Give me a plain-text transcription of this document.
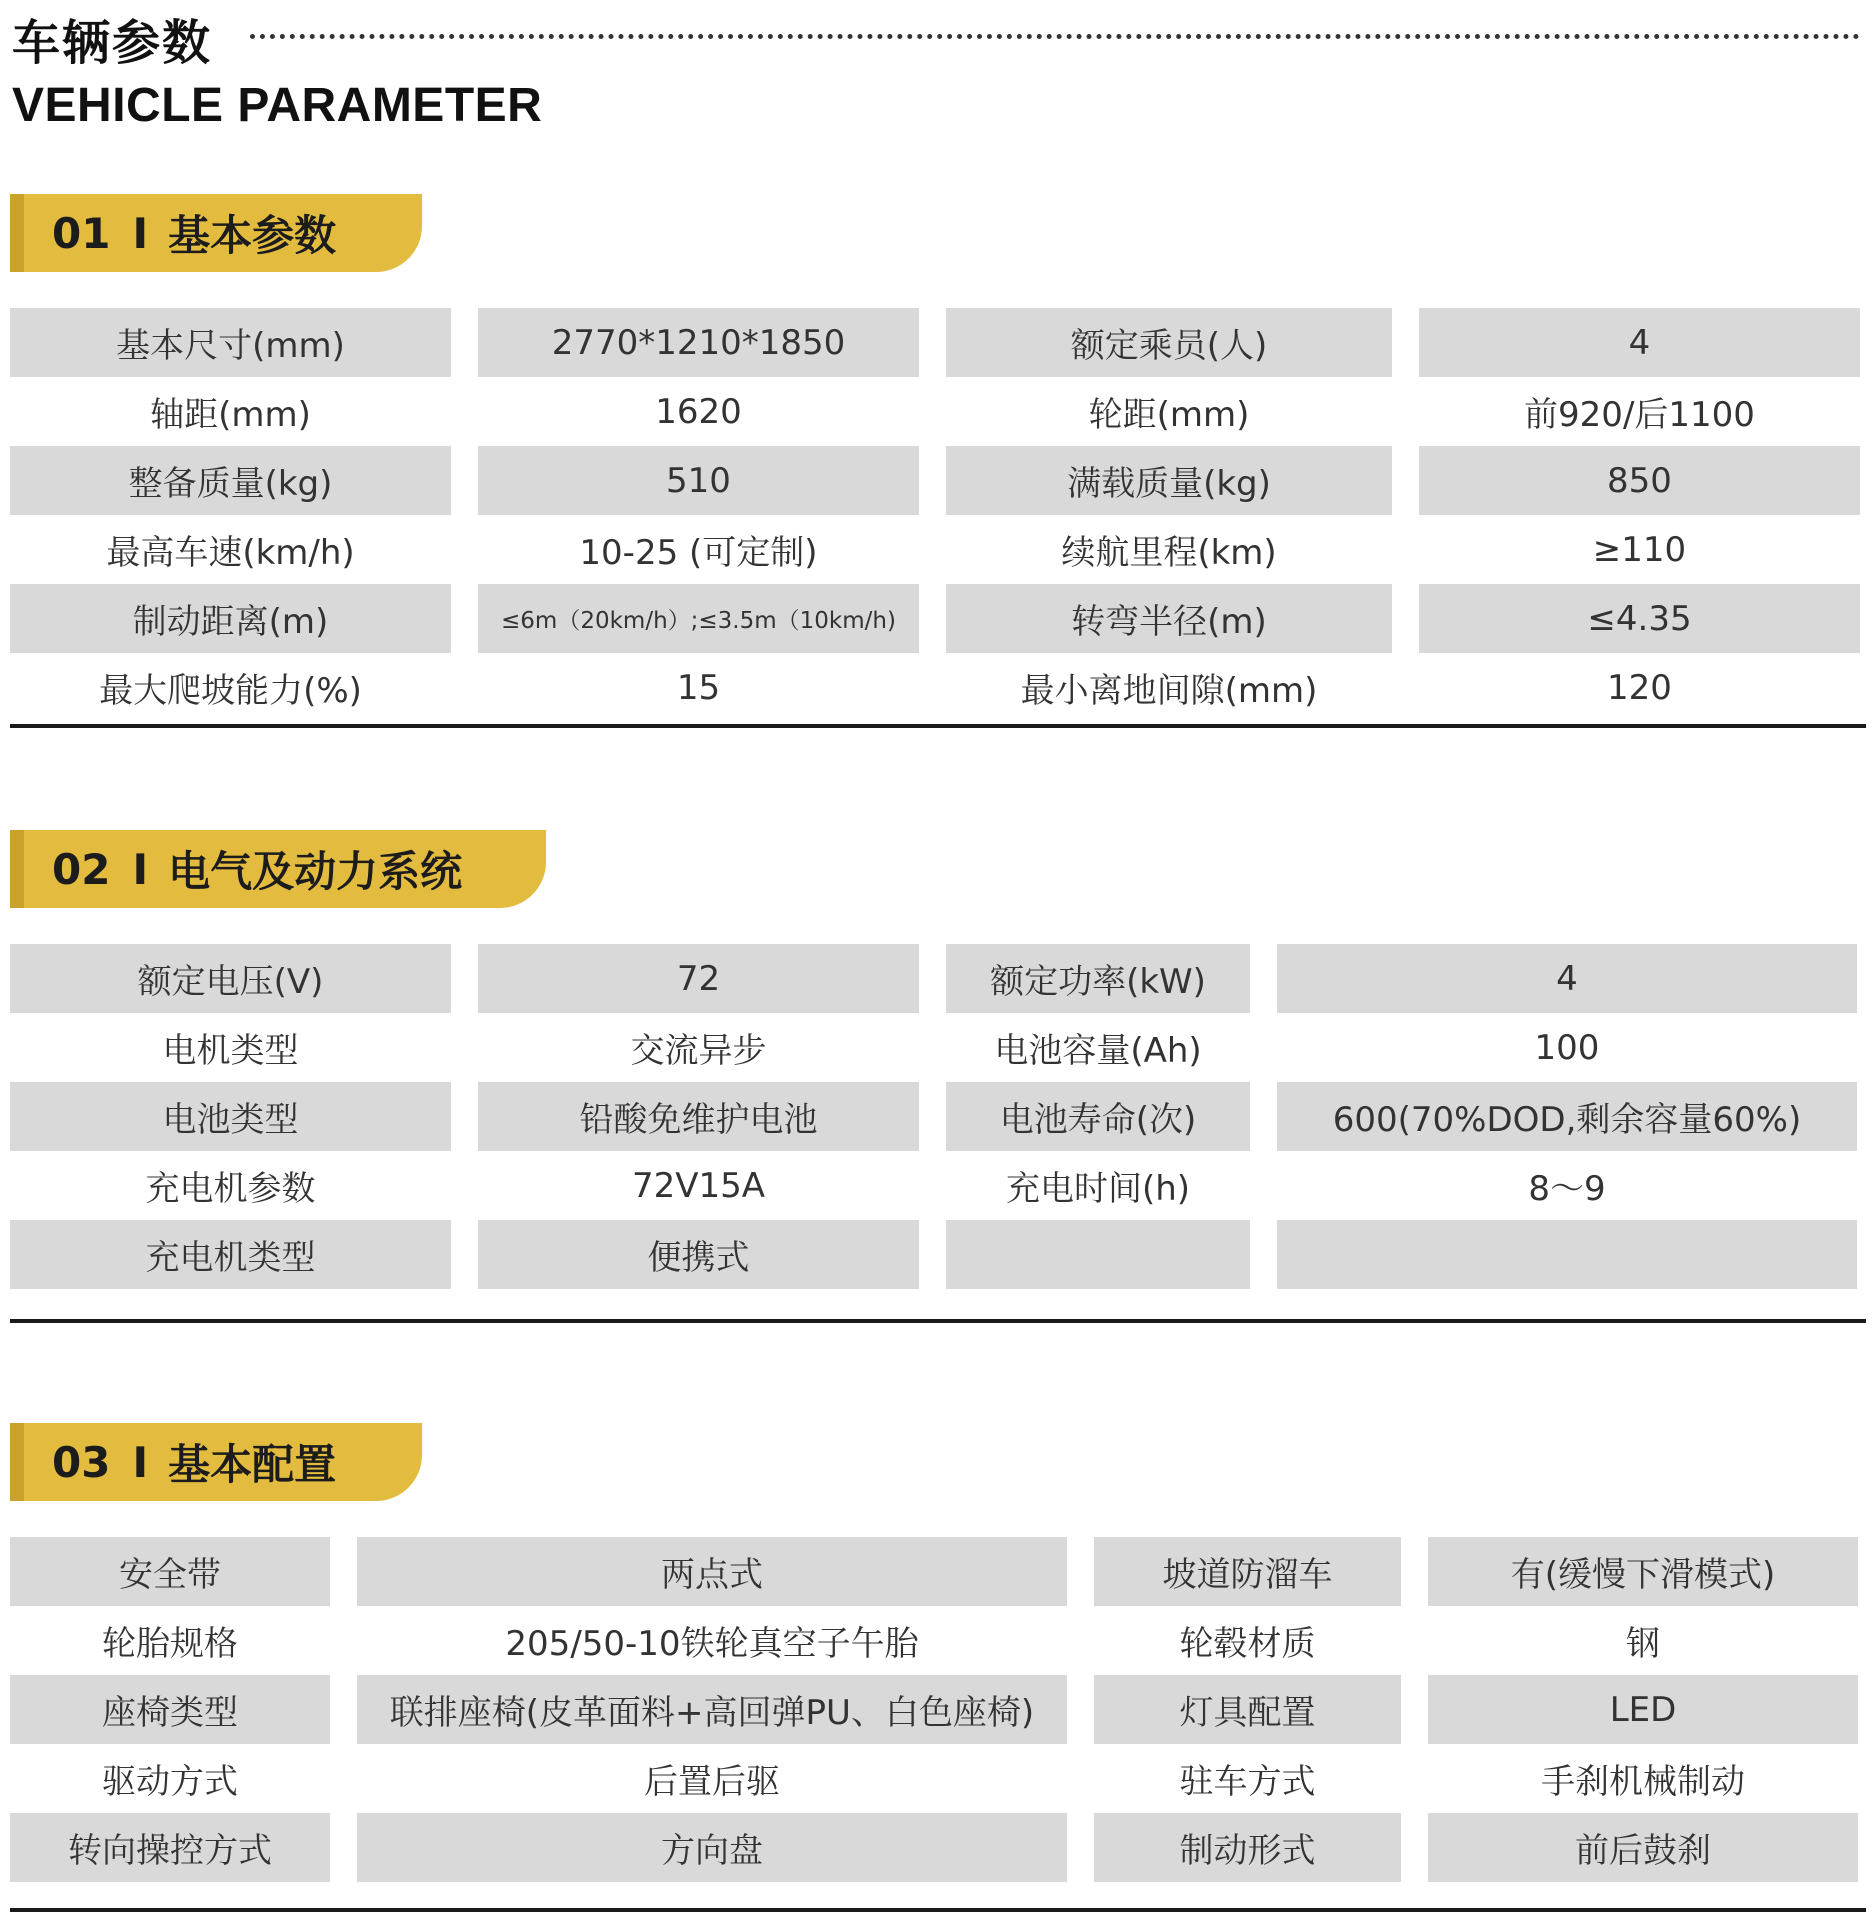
车辆参数
VEHICLE PARAMETER
01 I 基本参数
基本尺寸(mm)	2770*1210*1850	额定乘员(人)	4
轴距(mm)	1620	轮距(mm)	前920/后1100
整备质量(kg)	510	满载质量(kg)	850
最高车速(km/h)	10-25 (可定制)	续航里程(km)	≥110
制动距离(m)	≤6m（20km/h）;≤3.5m（10km/h)	转弯半径(m)	≤4.35
最大爬坡能力(%)	15	最小离地间隙(mm)	120
02 I 电气及动力系统
额定电压(V)	72	额定功率(kW)	4
电机类型	交流异步	电池容量(Ah)	100
电池类型	铅酸免维护电池	电池寿命(次)	600(70%DOD,剩余容量60%)
充电机参数	72V15A	充电时间(h)	8～9
充电机类型	便携式
03 I 基本配置
安全带	两点式	坡道防溜车	有(缓慢下滑模式)
轮胎规格	205/50-10铁轮真空子午胎	轮毂材质	钢
座椅类型	联排座椅(皮革面料+高回弹PU、白色座椅)	灯具配置	LED
驱动方式	后置后驱	驻车方式	手刹机械制动
转向操控方式	方向盘	制动形式	前后鼓刹
